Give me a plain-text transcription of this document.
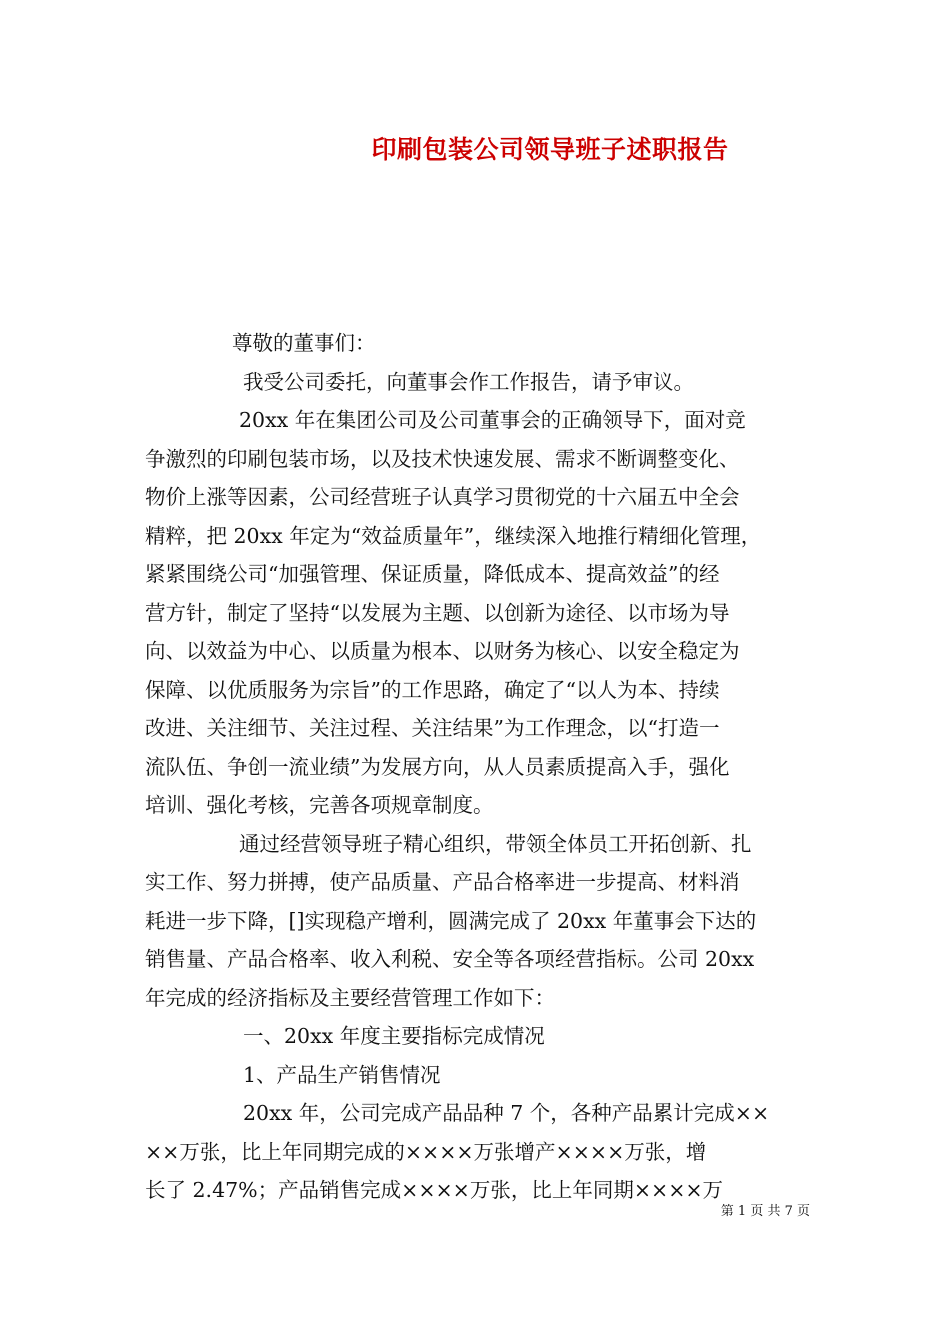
印刷包装公司领导班子述职报告
尊敬的董事们：
我受公司委托，向董事会作工作报告，请予审议。
20xx 年在集团公司及公司董事会的正确领导下，面对竞
争激烈的印刷包装市场，以及技术快速发展、需求不断调整变化、
物价上涨等因素，公司经营班子认真学习贯彻党的十六届五中全会
精粹，把 20xx 年定为“效益质量年”，继续深入地推行精细化管理，
紧紧围绕公司“加强管理、保证质量，降低成本、提高效益”的经
营方针，制定了坚持“以发展为主题、以创新为途径、以市场为导
向、以效益为中心、以质量为根本、以财务为核心、以安全稳定为
保障、以优质服务为宗旨”的工作思路，确定了“以人为本、持续
改进、关注细节、关注过程、关注结果”为工作理念，以“打造一
流队伍、争创一流业绩”为发展方向，从人员素质提高入手，强化
培训、强化考核，完善各项规章制度。
通过经营领导班子精心组织，带领全体员工开拓创新、扎
实工作、努力拼搏，使产品质量、产品合格率进一步提高、材料消
耗进一步下降，[]实现稳产增利，圆满完成了 20xx 年董事会下达的
销售量、产品合格率、收入利税、安全等各项经营指标。公司 20xx
年完成的经济指标及主要经营管理工作如下：
一、20xx 年度主要指标完成情况
1、产品生产销售情况
20xx 年，公司完成产品品种 7 个，各种产品累计完成××
××万张，比上年同期完成的××××万张增产××××万张，增
长了 2.47%；产品销售完成××××万张，比上年同期××××万
第 1 页 共 7 页
